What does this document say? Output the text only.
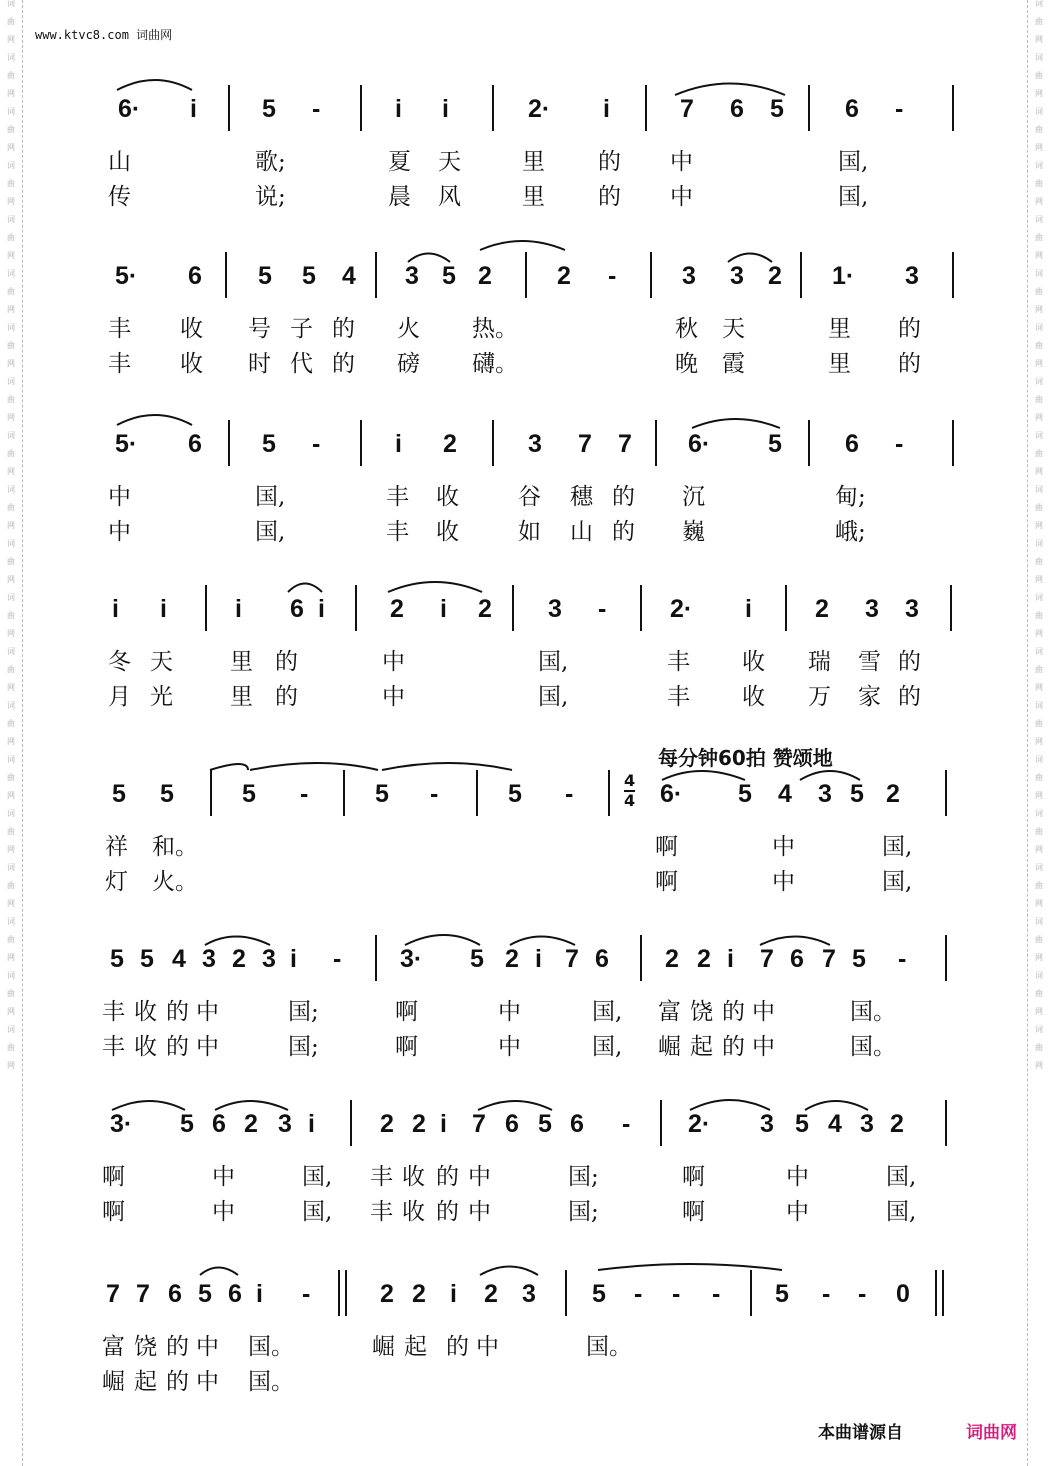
词
曲
网
词
曲
网
词
曲
网
词
曲
网
词
曲
网
词
曲
网
词
曲
网
词
曲
网
词
曲
网
词
曲
网
词
曲
网
词
曲
网
词
曲
网
词
曲
网
词
曲
网
词
曲
网
词
曲
网
词
曲
网
词
曲
网
词
曲
网
词
曲
网
词
曲
网
词
曲
网
词
曲
网
词
曲
网
词
曲
网
词
曲
网
词
曲
网
词
曲
网
词
曲
网
词
曲
网
词
曲
网
词
曲
网
词
曲
网
词
曲
网
词
曲
网
词
曲
网
词
曲
网
词
曲
网
词
曲
网
www.ktvc8.com 词曲网
6· i	5 -	i i	2· i	7 6 5 6 -
山	歌;	夏 天	里 的 中	国,
传	说;	晨 风	里 的 中	国,
5· 6 5 5 4 3 5 2	2 -	3 3 2 1· 3
丰 收 号 子 的 火 热。	秋 天	里 的
丰 收 时 代 的 磅 礴。	晚 霞	里 的
5· 6 5 -	i 2	3 7 7 6· 5	6 -
中	国,	丰 收	谷 穗 的 沉	甸;
中	国,	丰 收	如 山 的 巍	峨;
i i	i 6 i	2 i 2 3 -	2· i	2 3 3
冬 天 里 的	中	国,	丰 收 瑞 雪 的
月 光 里 的	中	国,	丰 收 万 家 的
5 5	5 -	5 -	5 -	6· 5 4 3 5 2
祥 和。	啊	中	国,
灯 火。	啊	中	国,
5 5 4 3 2 3 i - 3· 5 2 i 7 6 2 2 i 7 6 7 5 -
丰 收 的 中	国;	啊	中	国, 富 饶 的 中	国。
丰 收 的 中	国;	啊	中	国, 崛 起 的 中	国。
3· 5 6 2 3 i	2 2 i 7 6 5 6 - 2· 3 5 4 3 2
啊	中	国, 丰 收 的 中	国;	啊	中	国,
啊	中	国, 丰 收 的 中	国;	啊	中	国,
7 7 6 5 6 i -	2 2 i 2 3 5 - - - 5 - - 0
富 饶 的 中 国。	崛 起 的 中	国。
崛 起 的 中 国。
4
4
每分钟60拍 赞颂地
本曲谱源自	词曲网
